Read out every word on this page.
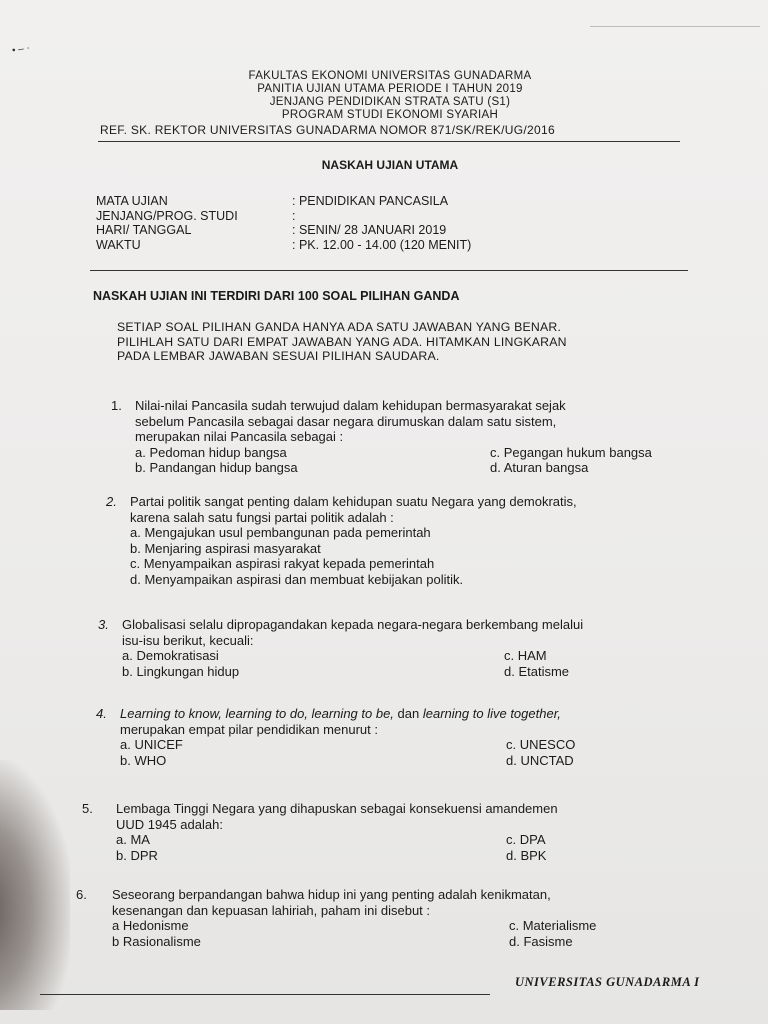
• – ·
FAKULTAS EKONOMI UNIVERSITAS GUNADARMA
PANITIA UJIAN UTAMA PERIODE I TAHUN 2019
JENJANG PENDIDIKAN STRATA SATU (S1)
PROGRAM STUDI EKONOMI SYARIAH
REF. SK. REKTOR UNIVERSITAS GUNADARMA NOMOR 871/SK/REK/UG/2016
NASKAH UJIAN UTAMA
MATA UJIAN	: PENDIDIKAN PANCASILA
JENJANG/PROG. STUDI	:
HARI/ TANGGAL	: SENIN/ 28 JANUARI 2019
WAKTU	: PK. 12.00 - 14.00 (120 MENIT)
NASKAH UJIAN INI TERDIRI DARI 100 SOAL PILIHAN GANDA
SETIAP SOAL PILIHAN GANDA HANYA ADA SATU JAWABAN YANG BENAR.
PILIHLAH SATU DARI EMPAT JAWABAN YANG ADA. HITAMKAN LINGKARAN
PADA LEMBAR JAWABAN SESUAI PILIHAN SAUDARA.
1. Nilai-nilai Pancasila sudah terwujud dalam kehidupan bermasyarakat sejak
sebelum Pancasila sebagai dasar negara dirumuskan dalam satu sistem,
merupakan nilai Pancasila sebagai :
a. Pedoman hidup bangsa	c. Pegangan hukum bangsa
b. Pandangan hidup bangsa	d. Aturan bangsa
2. Partai politik sangat penting dalam kehidupan suatu Negara yang demokratis,
karena salah satu fungsi partai politik adalah :
a. Mengajukan usul pembangunan pada pemerintah
b. Menjaring aspirasi masyarakat
c. Menyampaikan aspirasi rakyat kepada pemerintah
d. Menyampaikan aspirasi dan membuat kebijakan politik.
3. Globalisasi selalu dipropagandakan kepada negara-negara berkembang melalui
isu-isu berikut, kecuali:
a. Demokratisasi	c. HAM
b. Lingkungan hidup	d. Etatisme
4. Learning to know, learning to do, learning to be, dan learning to live together,
merupakan empat pilar pendidikan menurut :
a. UNICEF	c. UNESCO
b. WHO	d. UNCTAD
5. Lembaga Tinggi Negara yang dihapuskan sebagai konsekuensi amandemen
UUD 1945 adalah:
a. MA	c. DPA
b. DPR	d. BPK
6. Seseorang berpandangan bahwa hidup ini yang penting adalah kenikmatan,
kesenangan dan kepuasan lahiriah, paham ini disebut :
a Hedonisme	c. Materialisme
b Rasionalisme	d. Fasisme
UNIVERSITAS GUNADARMA I
